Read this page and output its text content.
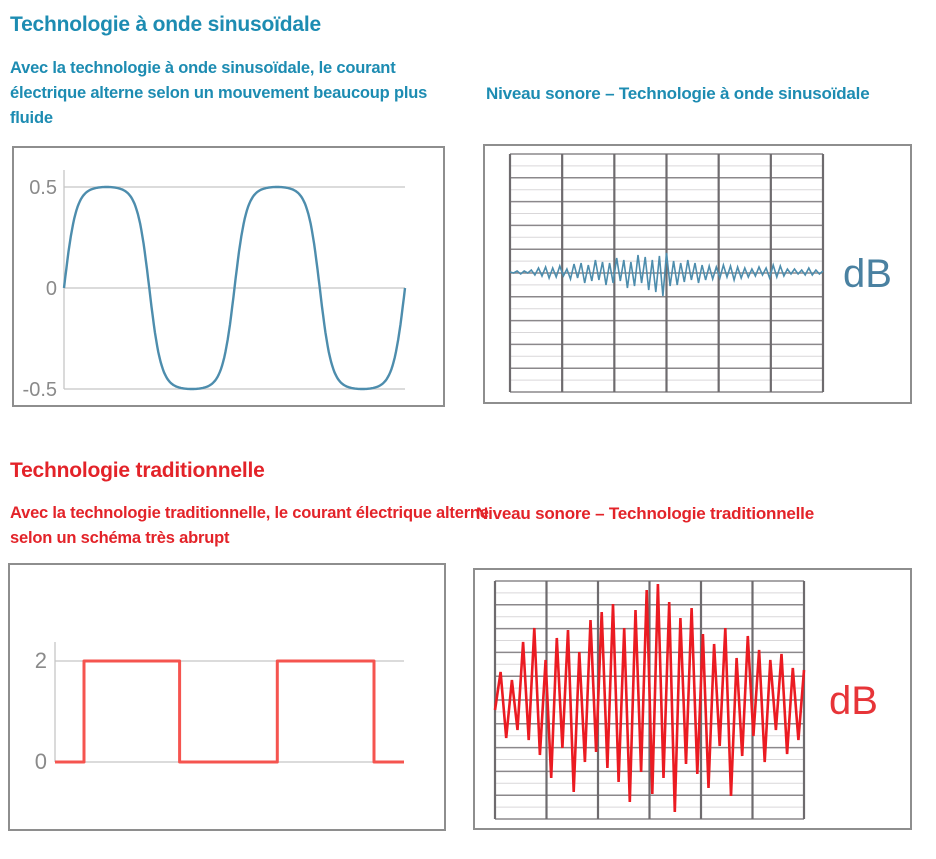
Technologie à onde sinusoïdale

Avec la technologie à onde sinusoïdale, le courant électrique alterne selon un mouvement beaucoup plus fluide

Niveau sonore – Technologie à onde sinusoïdale
0.5
0
-0.5
dB
Technologie traditionnelle

Avec la technologie traditionnelle, le courant électrique alterne selon un schéma très abrupt

Niveau sonore – Technologie traditionnelle
2
0
dB
